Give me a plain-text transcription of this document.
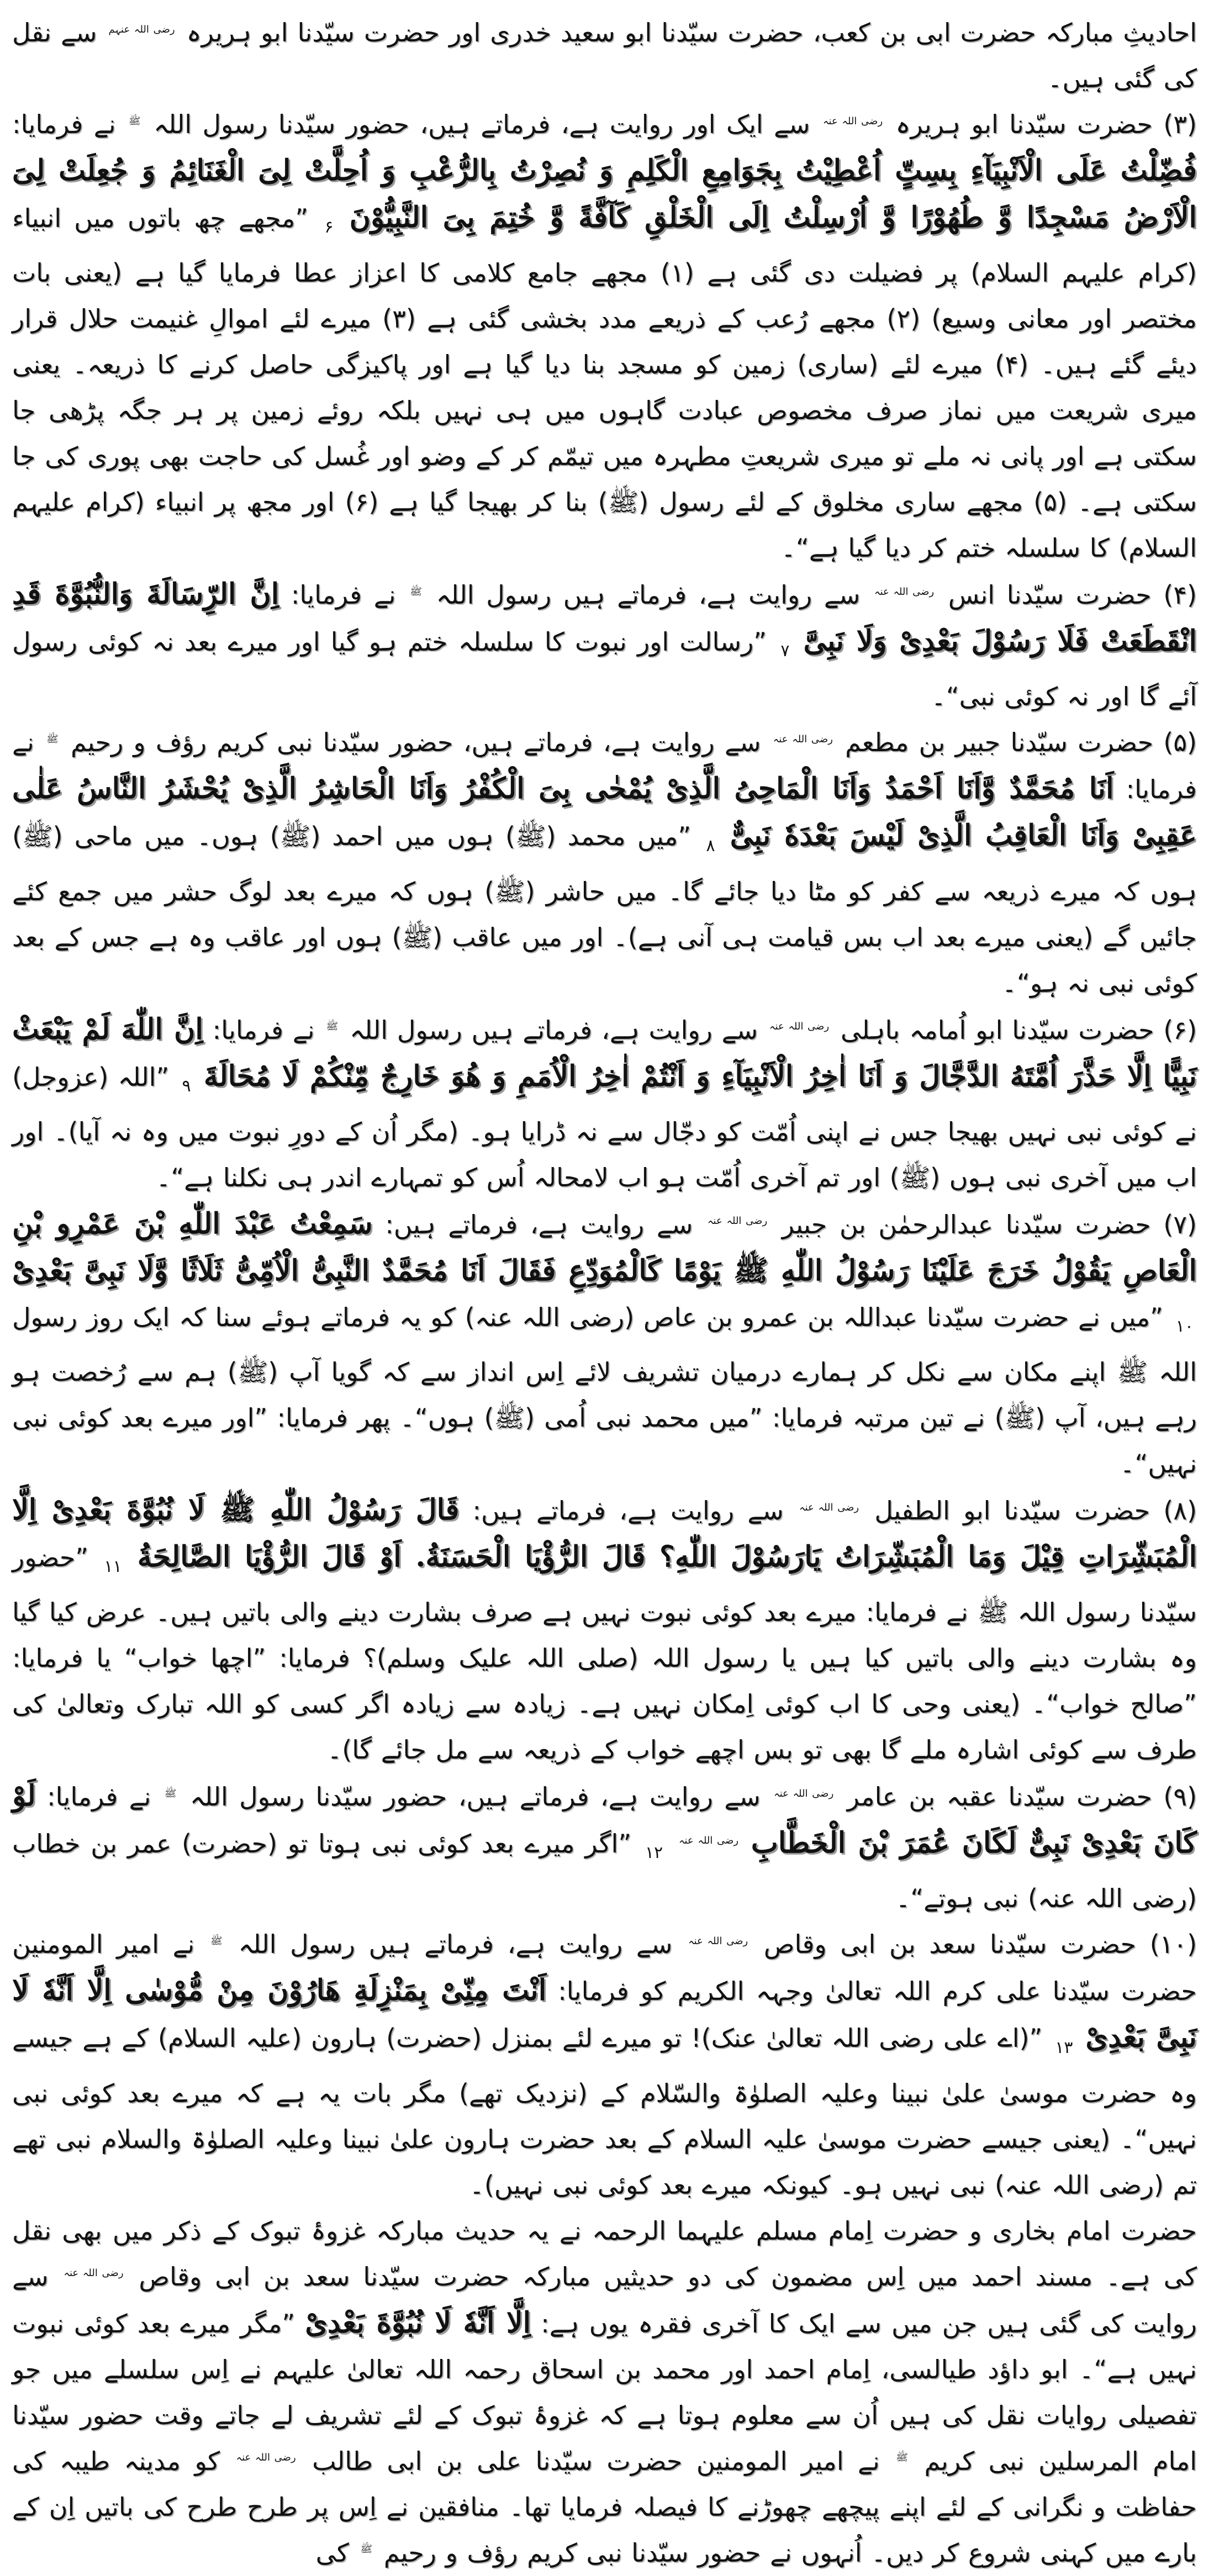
احادیثِ مبارکہ حضرت ابی بن کعب، حضرت سیّدنا ابو سعید خدری اور حضرت سیّدنا ابو ہریرہ رضی اللہ عنہم سے نقل کی گئی ہیں۔

(۳) حضرت سیّدنا ابو ہریرہ رضی اللہ عنہ سے ایک اور روایت ہے، فرماتے ہیں، حضور سیّدنا رسول اللہ ﷺ نے فرمایا: فُضِّلْتُ عَلَی الْاَنْبِیَآءِ بِسِتٍّ اُعْطِیْتُ بِجَوَامِعِ الْکَلِمِ وَ نُصِرْتُ بِالرُّعْبِ وَ اُحِلَّتْ لِیَ الْغَنَائِمُ وَ جُعِلَتْ لِیَ الْاَرْضُ مَسْجِدًا وَّ طُهُوْرًا وَّ اُرْسِلْتُ اِلَی الْخَلْقِ کَآفَّةً وَّ خُتِمَ بِیَ النَّبِیُّوْنَ $_۶$ ”مجھے چھ باتوں میں انبیاء (کرام علیہم السلام) پر فضیلت دی گئی ہے (۱) مجھے جامع کلامی کا اعزاز عطا فرمایا گیا ہے (یعنی بات مختصر اور معانی وسیع) (۲) مجھے رُعب کے ذریعے مدد بخشی گئی ہے (۳) میرے لئے اموالِ غنیمت حلال قرار دیئے گئے ہیں۔ (۴) میرے لئے (ساری) زمین کو مسجد بنا دیا گیا ہے اور پاکیزگی حاصل کرنے کا ذریعہ۔ یعنی میری شریعت میں نماز صرف مخصوص عبادت گاہوں میں ہی نہیں بلکہ روئے زمین پر ہر جگہ پڑھی جا سکتی ہے اور پانی نہ ملے تو میری شریعتِ مطہرہ میں تیمّم کر کے وضو اور غُسل کی حاجت بھی پوری کی جا سکتی ہے۔ (۵) مجھے ساری مخلوق کے لئے رسول (ﷺ) بنا کر بھیجا گیا ہے (۶) اور مجھ پر انبیاء (کرام علیہم السلام) کا سلسلہ ختم کر دیا گیا ہے“۔

(۴) حضرت سیّدنا انس رضی اللہ عنہ سے روایت ہے، فرماتے ہیں رسول اللہ ﷺ نے فرمایا: اِنَّ الرِّسَالَةَ وَالنُّبُوَّةَ قَدِ انْقَطَعَتْ فَلَا رَسُوْلَ بَعْدِیْ وَلَا نَبِیَّ $_۷$ ”رسالت اور نبوت کا سلسلہ ختم ہو گیا اور میرے بعد نہ کوئی رسول آئے گا اور نہ کوئی نبی“۔

(۵) حضرت سیّدنا جبیر بن مطعم رضی اللہ عنہ سے روایت ہے، فرماتے ہیں، حضور سیّدنا نبی کریم رؤف و رحیم ﷺ نے فرمایا: اَنَا مُحَمَّدٌ وَّاَنَا اَحْمَدُ وَاَنَا الْمَاحِیُ الَّذِیْ یُمْحٰی بِیَ الْکُفْرُ وَاَنَا الْحَاشِرُ الَّذِیْ یُحْشَرُ النَّاسُ عَلٰی عَقِبِیْ وَاَنَا الْعَاقِبُ الَّذِیْ لَیْسَ بَعْدَهٗ نَبِیٌّ $_۸$ ”میں محمد (ﷺ) ہوں میں احمد (ﷺ) ہوں۔ میں ماحی (ﷺ) ہوں کہ میرے ذریعہ سے کفر کو مٹا دیا جائے گا۔ میں حاشر (ﷺ) ہوں کہ میرے بعد لوگ حشر میں جمع کئے جائیں گے (یعنی میرے بعد اب بس قیامت ہی آنی ہے)۔ اور میں عاقب (ﷺ) ہوں اور عاقب وہ ہے جس کے بعد کوئی نبی نہ ہو“۔

(۶) حضرت سیّدنا ابو اُمامہ باہلی رضی اللہ عنہ سے روایت ہے، فرماتے ہیں رسول اللہ ﷺ نے فرمایا: اِنَّ اللّٰهَ لَمْ یَبْعَثْ نَبِیًّا اِلَّا حَذَّرَ اُمَّتَهُ الدَّجَّالَ وَ اَنَا اٰخِرُ الْاَنْبِیَآءِ وَ اَنْتُمْ اٰخِرُ الْاُمَمِ وَ هُوَ خَارِجٌ مِّنْکُمْ لَا مُحَالَةَ $_۹$ ”اللہ (عزوجل) نے کوئی نبی نہیں بھیجا جس نے اپنی اُمّت کو دجّال سے نہ ڈرایا ہو۔ (مگر اُن کے دورِ نبوت میں وہ نہ آیا)۔ اور اب میں آخری نبی ہوں (ﷺ) اور تم آخری اُمّت ہو اب لامحالہ اُس کو تمہارے اندر ہی نکلنا ہے“۔

(۷) حضرت سیّدنا عبدالرحمٰن بن جبیر رضی اللہ عنہ سے روایت ہے، فرماتے ہیں: سَمِعْتُ عَبْدَ اللّٰهِ بْنَ عَمْرِو بْنِ الْعَاصِ یَقُوْلُ خَرَجَ عَلَیْنَا رَسُوْلُ اللّٰهِ ﷺ یَوْمًا کَالْمُوَدِّعِ فَقَالَ اَنَا مُحَمَّدٌ النَّبِیُّ الْاُمِّیُّ ثَلَاثًا وَّلَا نَبِیَّ بَعْدِیْ $_{۱۰}$ ”میں نے حضرت سیّدنا عبداللہ بن عمرو بن عاص (رضی اللہ عنہ) کو یہ فرماتے ہوئے سنا کہ ایک روز رسول اللہ ﷺ اپنے مکان سے نکل کر ہمارے درمیان تشریف لائے اِس انداز سے کہ گویا آپ (ﷺ) ہم سے رُخصت ہو رہے ہیں، آپ (ﷺ) نے تین مرتبہ فرمایا: ”میں محمد نبی اُمی (ﷺ) ہوں“۔ پھر فرمایا: ”اور میرے بعد کوئی نبی نہیں“۔

(۸) حضرت سیّدنا ابو الطفیل رضی اللہ عنہ سے روایت ہے، فرماتے ہیں: قَالَ رَسُوْلُ اللّٰهِ ﷺ لَا نُبُوَّةَ بَعْدِیْ اِلَّا الْمُبَشِّرَاتِ قِیْلَ وَمَا الْمُبَشِّرَاتُ یَارَسُوْلَ اللّٰهِ؟ قَالَ الرُّؤْیَا الْحَسَنَةُ. اَوْ قَالَ الرُّؤْیَا الصَّالِحَةُ $_{۱۱}$ ”حضور سیّدنا رسول اللہ ﷺ نے فرمایا: میرے بعد کوئی نبوت نہیں ہے صرف بشارت دینے والی باتیں ہیں۔ عرض کیا گیا وہ بشارت دینے والی باتیں کیا ہیں یا رسول اللہ (صلی اللہ علیک وسلم)؟ فرمایا: ”اچھا خواب“ یا فرمایا: ”صالح خواب“۔ (یعنی وحی کا اب کوئی اِمکان نہیں ہے۔ زیادہ سے زیادہ اگر کسی کو اللہ تبارک وتعالیٰ کی طرف سے کوئی اشارہ ملے گا بھی تو بس اچھے خواب کے ذریعہ سے مل جائے گا)۔

(۹) حضرت سیّدنا عقبہ بن عامر رضی اللہ عنہ سے روایت ہے، فرماتے ہیں، حضور سیّدنا رسول اللہ ﷺ نے فرمایا: لَوْ کَانَ بَعْدِیْ نَبِیٌّ لَکَانَ عُمَرَ بْنَ الْخَطَّابِ رضی اللہ عنہ $_{۱۲}$ ”اگر میرے بعد کوئی نبی ہوتا تو (حضرت) عمر بن خطاب (رضی اللہ عنہ) نبی ہوتے“۔

(۱۰) حضرت سیّدنا سعد بن ابی وقاص رضی اللہ عنہ سے روایت ہے، فرماتے ہیں رسول اللہ ﷺ نے امیر المومنین حضرت سیّدنا علی کرم اللہ تعالیٰ وجہہ الکریم کو فرمایا: اَنْتَ مِنِّیْ بِمَنْزِلَةِ هَارُوْنَ مِنْ مُّوْسٰی اِلَّا اَنَّهٗ لَا نَبِیَّ بَعْدِیْ $_{۱۳}$ ”(اے علی رضی اللہ تعالیٰ عنک)! تو میرے لئے بمنزل (حضرت) ہارون (علیہ السلام) کے ہے جیسے وہ حضرت موسیٰ علیٰ نبینا وعلیہ الصلوٰۃ والسّلام کے (نزدیک تھے) مگر بات یہ ہے کہ میرے بعد کوئی نبی نہیں“۔ (یعنی جیسے حضرت موسیٰ علیہ السلام کے بعد حضرت ہارون علیٰ نبینا وعلیہ الصلوٰۃ والسلام نبی تھے تم (رضی اللہ عنہ) نبی نہیں ہو۔ کیونکہ میرے بعد کوئی نبی نہیں)۔

حضرت امام بخاری و حضرت اِمام مسلم علیہما الرحمہ نے یہ حدیث مبارکہ غزوۂ تبوک کے ذکر میں بھی نقل کی ہے۔ مسند احمد میں اِس مضمون کی دو حدیثیں مبارکہ حضرت سیّدنا سعد بن ابی وقاص رضی اللہ عنہ سے روایت کی گئی ہیں جن میں سے ایک کا آخری فقرہ یوں ہے: اِلَّا اَنَّهٗ لَا نُبُوَّةَ بَعْدِیْ ”مگر میرے بعد کوئی نبوت نہیں ہے“۔ ابو داؤد طیالسی، اِمام احمد اور محمد بن اسحاق رحمہ اللہ تعالیٰ علیہم نے اِس سلسلے میں جو تفصیلی روایات نقل کی ہیں اُن سے معلوم ہوتا ہے کہ غزوۂ تبوک کے لئے تشریف لے جاتے وقت حضور سیّدنا امام المرسلین نبی کریم ﷺ نے امیر المومنین حضرت سیّدنا علی بن ابی طالب رضی اللہ عنہ کو مدینہ طیبہ کی حفاظت و نگرانی کے لئے اپنے پیچھے چھوڑنے کا فیصلہ فرمایا تھا۔ منافقین نے اِس پر طرح طرح کی باتیں اِن کے بارے میں کہنی شروع کر دیں۔ اُنہوں نے حضور سیّدنا نبی کریم رؤف و رحیم ﷺ کی
